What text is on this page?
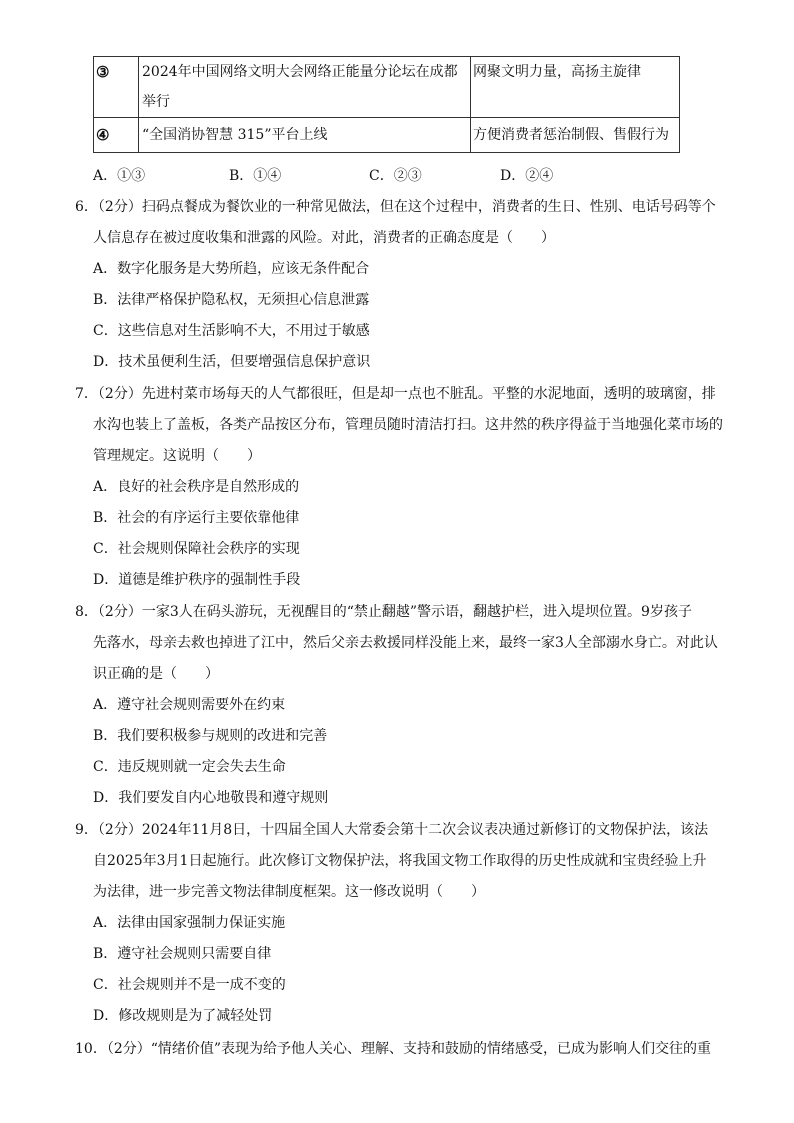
③	2024年中国网络文明大会网络正能量分论坛在成都举行	网聚文明力量，高扬主旋律
④	“全国消协智慧 315”平台上线	方便消费者惩治制假、售假行为
A．①③	B．①④	C．②③	D．②④
6．（2分）扫码点餐成为餐饮业的一种常见做法，但在这个过程中，消费者的生日、性别、电话号码等个
人信息存在被过度收集和泄露的风险。对此，消费者的正确态度是（　　）
A．数字化服务是大势所趋，应该无条件配合
B．法律严格保护隐私权，无须担心信息泄露
C．这些信息对生活影响不大，不用过于敏感
D．技术虽便利生活，但要增强信息保护意识
7．（2分）先进村菜市场每天的人气都很旺，但是却一点也不脏乱。平整的水泥地面，透明的玻璃窗，排
水沟也装上了盖板，各类产品按区分布，管理员随时清洁打扫。这井然的秩序得益于当地强化菜市场的
管理规定。这说明（　　）
A．良好的社会秩序是自然形成的
B．社会的有序运行主要依靠他律
C．社会规则保障社会秩序的实现
D．道德是维护秩序的强制性手段
8．（2分）一家3人在码头游玩，无视醒目的“禁止翻越”警示语，翻越护栏，进入堤坝位置。9岁孩子
先落水，母亲去救也掉进了江中，然后父亲去救援同样没能上来，最终一家3人全部溺水身亡。对此认
识正确的是（　　）
A．遵守社会规则需要外在约束
B．我们要积极参与规则的改进和完善
C．违反规则就一定会失去生命
D．我们要发自内心地敬畏和遵守规则
9．（2分）2024年11月8日，十四届全国人大常委会第十二次会议表决通过新修订的文物保护法，该法
自2025年3月1日起施行。此次修订文物保护法，将我国文物工作取得的历史性成就和宝贵经验上升
为法律，进一步完善文物法律制度框架。这一修改说明（　　）
A．法律由国家强制力保证实施
B．遵守社会规则只需要自律
C．社会规则并不是一成不变的
D．修改规则是为了减轻处罚
10．（2分）“情绪价值”表现为给予他人关心、理解、支持和鼓励的情绪感受，已成为影响人们交往的重
